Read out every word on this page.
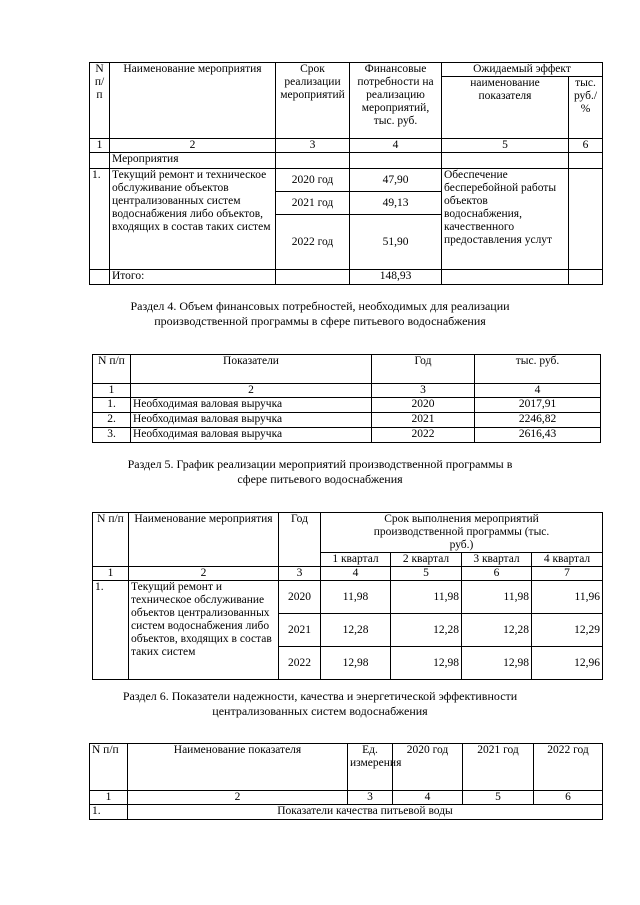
N п/ п	Наименование мероприятия	Срок реализации мероприятий	Финансовые потребности на реализацию мероприятий, тыс. руб.	Ожидаемый эффект	
				наименование показателя	тыс. руб./ %
1	2	3	4	5	6
	Мероприятия				
1.	Текущий ремонт и техническое обслуживание объектов централизованных систем водоснабжения либо объектов, входящих в состав таких систем	2020 год	47,90	Обеспечение бесперебойной работы объектов водоснабжения, качественного предоставления услут	
		2021 год	49,13		
		2022 год	51,90		
	Итого:		148,93		
Раздел 4. Объем финансовых потребностей, необходимых для реализации производственной программы в сфере питьевого водоснабжения
N п/п	Показатели	Год	тыс. руб.
1	2	3	4
1.	Необходимая валовая выручка	2020	2017,91
2.	Необходимая валовая выручка	2021	2246,82
3.	Необходимая валовая выручка	2022	2616,43
Раздел 5. График реализации мероприятий производственной программы в сфере питьевого водоснабжения
N п/п	Наименование мероприятия	Год	Срок выполнения мероприятий производственной программы (тыс. руб.)			
			1 квартал	2 квартал	3 квартал	4 квартал
1	2	3	4	5	6	7
1.	Текущий ремонт и техническое обслуживание объектов централизованных систем водоснабжения либо объектов, входящих в состав таких систем	2020	11,98	11,98	11,98	11,96
		2021	12,28	12,28	12,28	12,29
		2022	12,98	12,98	12,98	12,96
Раздел 6. Показатели надежности, качества и энергетической эффективности централизованных систем водоснабжения
N п/п	Наименование показателя	Ед. измерения	2020 год	2021 год	2022 год
1	2	3	4	5	6
1.	Показатели качества питьевой воды				
